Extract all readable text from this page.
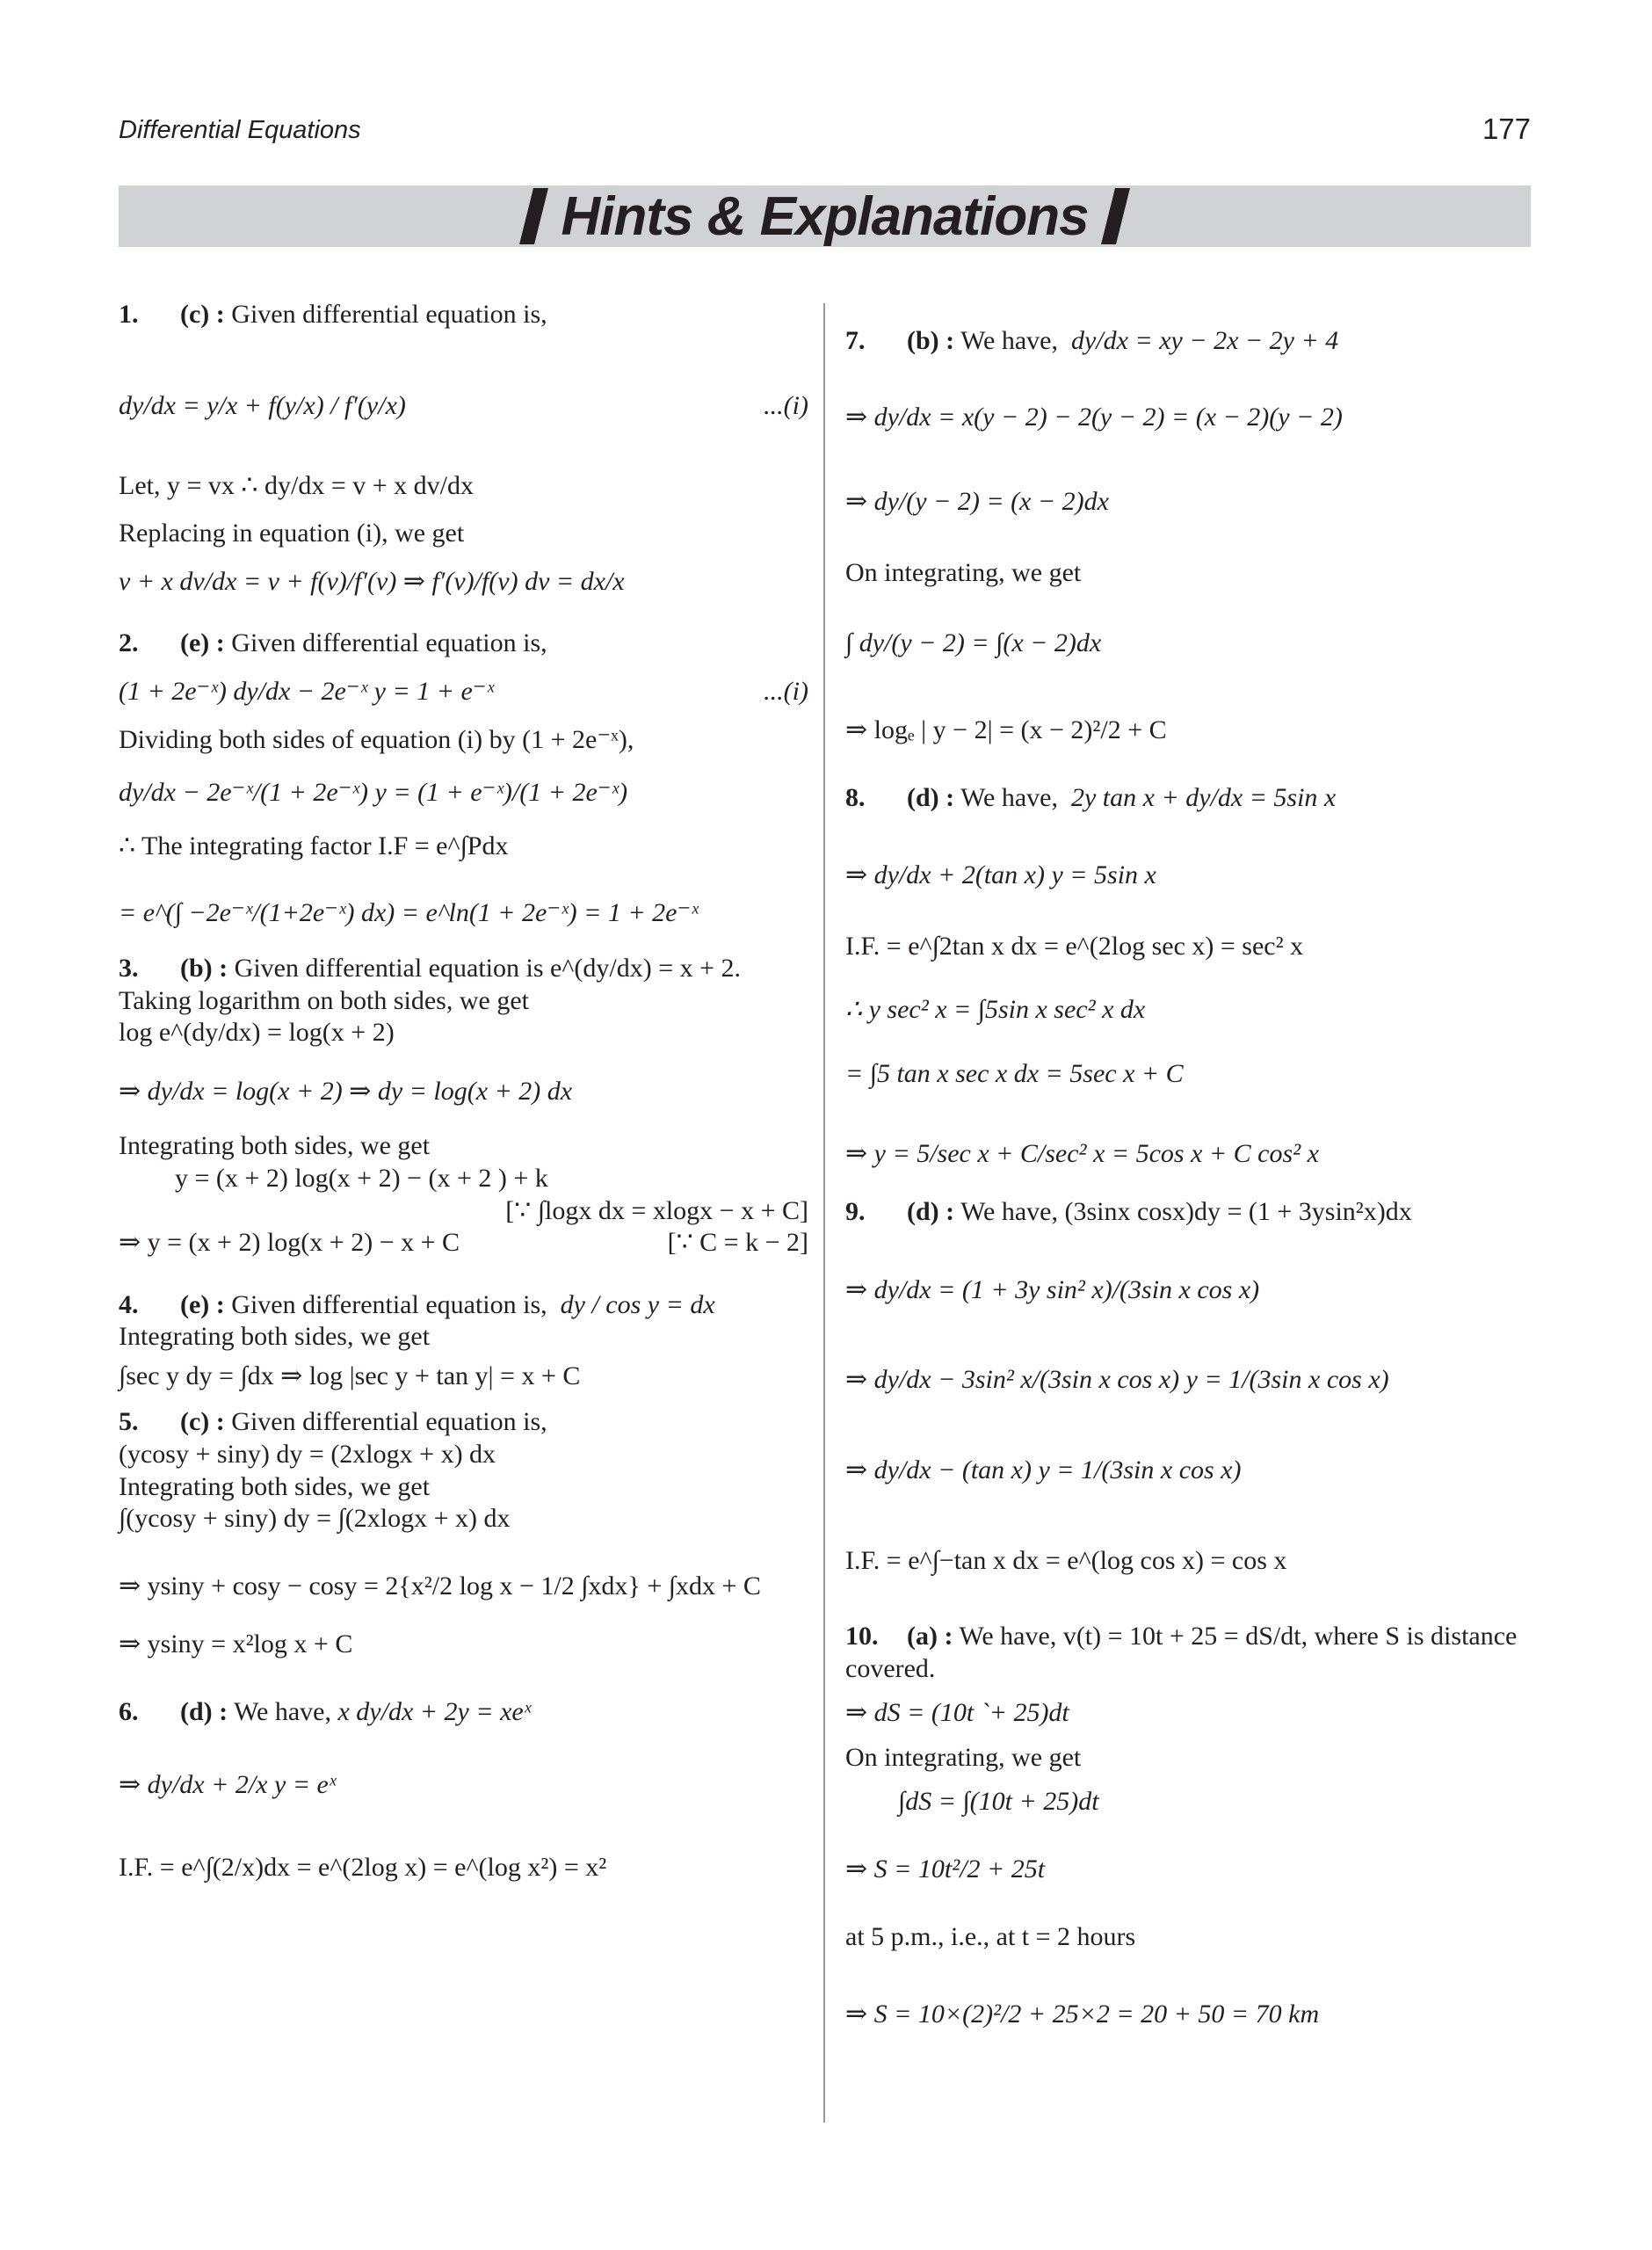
Differential Equations	177
Hints & Explanations

1. (c) : Given differential equation is,

dy/dx = y/x + f(y/x) / f′(y/x)	...(i)

Let, y = vx ∴ dy/dx = v + x dv/dx

Replacing in equation (i), we get

v + x dv/dx = v + f(v)/f′(v) ⇒ f′(v)/f(v) dv = dx/x

2. (e) : Given differential equation is,

(1 + 2e⁻ˣ) dy/dx − 2e⁻ˣ y = 1 + e⁻ˣ	...(i)

Dividing both sides of equation (i) by (1 + 2e⁻ˣ),

dy/dx − 2e⁻ˣ/(1 + 2e⁻ˣ) y = (1 + e⁻ˣ)/(1 + 2e⁻ˣ)

∴ The integrating factor I.F = e^∫Pdx

= e^(∫ −2e⁻ˣ/(1+2e⁻ˣ) dx) = e^ln(1 + 2e⁻ˣ) = 1 + 2e⁻ˣ

3. (b) : Given differential equation is e^(dy/dx) = x + 2.

Taking logarithm on both sides, we get

log e^(dy/dx) = log(x + 2)

⇒ dy/dx = log(x + 2) ⇒ dy = log(x + 2) dx

Integrating both sides, we get

y = (x + 2) log(x + 2) − (x + 2 ) + k

[∵ ∫logx dx = xlogx − x + C]

⇒ y = (x + 2) log(x + 2) − x + C	[∵ C = k − 2]

4. (e) : Given differential equation is, dy / cos y = dx

Integrating both sides, we get

∫sec y dy = ∫dx ⇒ log |sec y + tan y| = x + C

5. (c) : Given differential equation is,

(ycosy + siny) dy = (2xlogx + x) dx

Integrating both sides, we get

∫(ycosy + siny) dy = ∫(2xlogx + x) dx

⇒ ysiny + cosy − cosy = 2{x²/2 log x − 1/2 ∫xdx} + ∫xdx + C

⇒ ysiny = x²log x + C

6. (d) : We have, x dy/dx + 2y = xeˣ

⇒ dy/dx + 2/x y = eˣ

I.F. = e^∫(2/x)dx = e^(2log x) = e^(log x²) = x²

7. (b) : We have, dy/dx = xy − 2x − 2y + 4

⇒ dy/dx = x(y − 2) − 2(y − 2) = (x − 2)(y − 2)

⇒ dy/(y − 2) = (x − 2)dx

On integrating, we get

∫ dy/(y − 2) = ∫(x − 2)dx

⇒ logₑ | y − 2| = (x − 2)²/2 + C

8. (d) : We have, 2y tan x + dy/dx = 5sin x

⇒ dy/dx + 2(tan x) y = 5sin x

I.F. = e^∫2tan x dx = e^(2log sec x) = sec² x

∴ y sec² x = ∫5sin x sec² x dx

= ∫5 tan x sec x dx = 5sec x + C

⇒ y = 5/sec x + C/sec² x = 5cos x + C cos² x

9. (d) : We have, (3sinx cosx)dy = (1 + 3ysin²x)dx

⇒ dy/dx = (1 + 3y sin² x)/(3sin x cos x)

⇒ dy/dx − 3sin² x/(3sin x cos x) y = 1/(3sin x cos x)

⇒ dy/dx − (tan x) y = 1/(3sin x cos x)

I.F. = e^∫−tan x dx = e^(log cos x) = cos x

10. (a) : We have, v(t) = 10t + 25 = dS/dt, where S is distance

covered.

⇒ dS = (10t `+ 25)dt

On integrating, we get

∫dS = ∫(10t + 25)dt

⇒ S = 10t²/2 + 25t

at 5 p.m., i.e., at t = 2 hours

⇒ S = 10×(2)²/2 + 25×2 = 20 + 50 = 70 km
